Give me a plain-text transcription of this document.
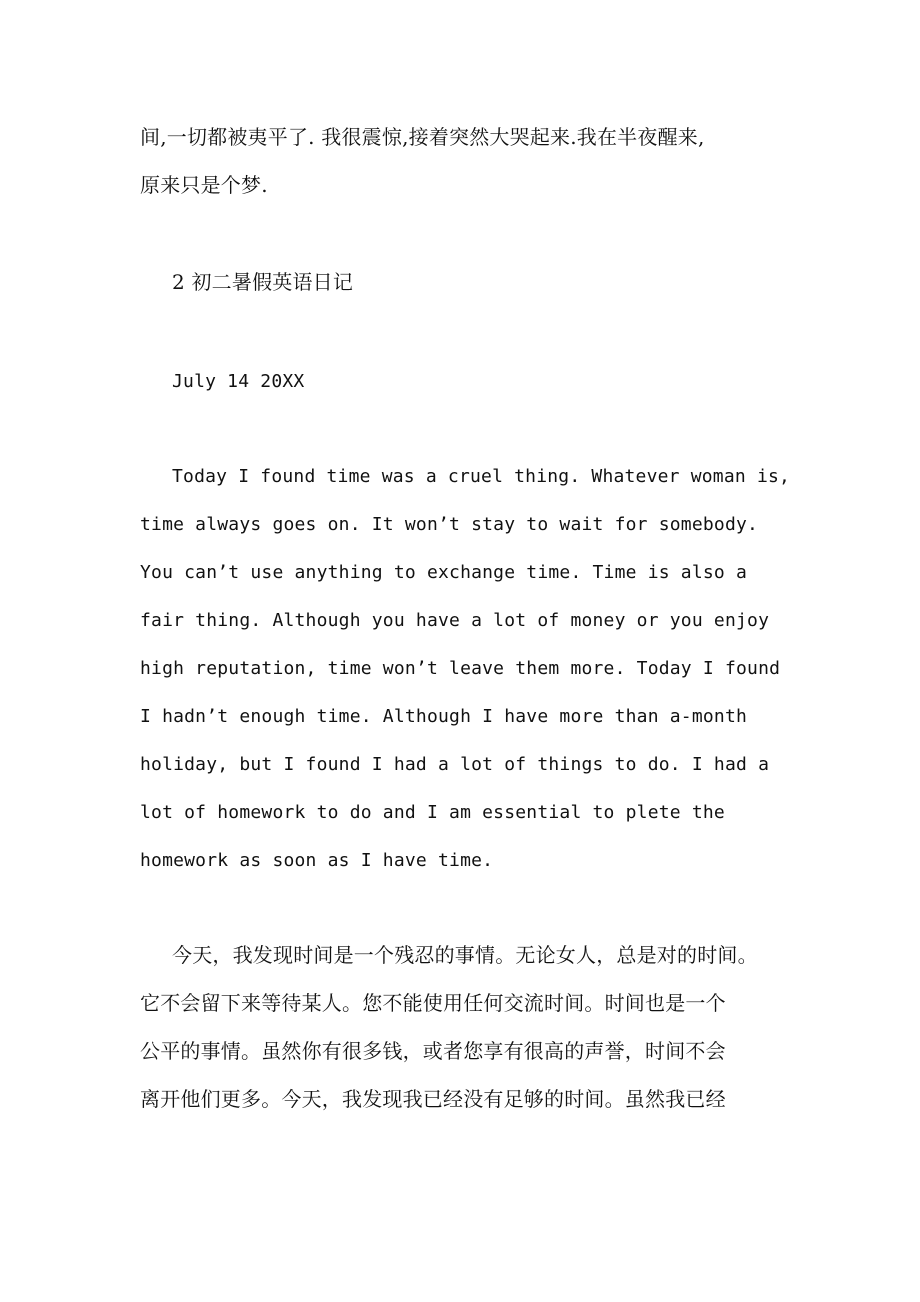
间,一切都被夷平了. 我很震惊,接着突然大哭起来.我在半夜醒来,
原来只是个梦.
2 初二暑假英语日记
July 14 20XX
Today I found time was a cruel thing. Whatever woman is,
time always goes on. It won’t stay to wait for somebody.
You can’t use anything to exchange time. Time is also a
fair thing. Although you have a lot of money or you enjoy
high reputation, time won’t leave them more. Today I found
I hadn’t enough time. Although I have more than a-month
holiday, but I found I had a lot of things to do. I had a
lot of homework to do and I am essential to plete the
homework as soon as I have time.
今天，我发现时间是一个残忍的事情。无论女人，总是对的时间。
它不会留下来等待某人。您不能使用任何交流时间。时间也是一个
公平的事情。虽然你有很多钱，或者您享有很高的声誉，时间不会
离开他们更多。今天，我发现我已经没有足够的时间。虽然我已经
